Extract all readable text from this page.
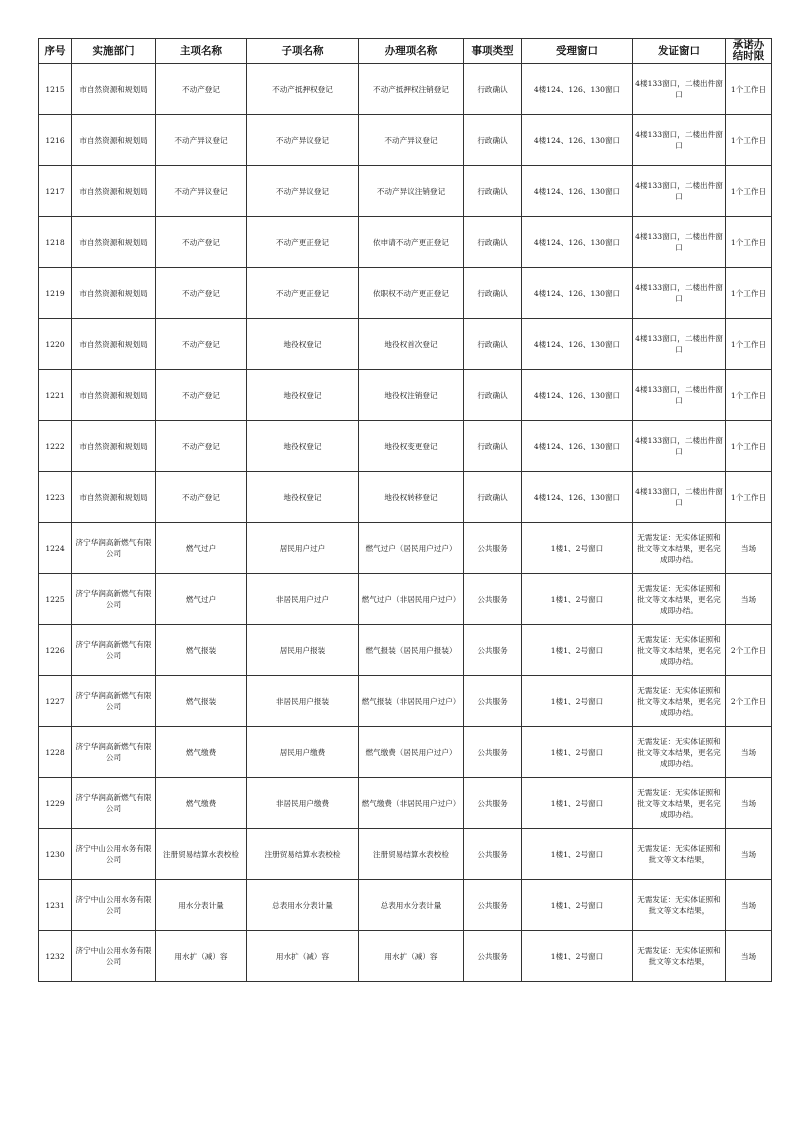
序号	实施部门	主项名称	子项名称	办理项名称	事项类型	受理窗口	发证窗口	承诺办结时限
1215	市自然资源和规划局	不动产登记	不动产抵押权登记	不动产抵押权注销登记	行政确认	4楼124、126、130窗口	4楼133窗口，二楼出件窗口	1个工作日
1216	市自然资源和规划局	不动产异议登记	不动产异议登记	不动产异议登记	行政确认	4楼124、126、130窗口	4楼133窗口，二楼出件窗口	1个工作日
1217	市自然资源和规划局	不动产异议登记	不动产异议登记	不动产异议注销登记	行政确认	4楼124、126、130窗口	4楼133窗口，二楼出件窗口	1个工作日
1218	市自然资源和规划局	不动产登记	不动产更正登记	依申请不动产更正登记	行政确认	4楼124、126、130窗口	4楼133窗口，二楼出件窗口	1个工作日
1219	市自然资源和规划局	不动产登记	不动产更正登记	依职权不动产更正登记	行政确认	4楼124、126、130窗口	4楼133窗口，二楼出件窗口	1个工作日
1220	市自然资源和规划局	不动产登记	地役权登记	地役权首次登记	行政确认	4楼124、126、130窗口	4楼133窗口，二楼出件窗口	1个工作日
1221	市自然资源和规划局	不动产登记	地役权登记	地役权注销登记	行政确认	4楼124、126、130窗口	4楼133窗口，二楼出件窗口	1个工作日
1222	市自然资源和规划局	不动产登记	地役权登记	地役权变更登记	行政确认	4楼124、126、130窗口	4楼133窗口，二楼出件窗口	1个工作日
1223	市自然资源和规划局	不动产登记	地役权登记	地役权转移登记	行政确认	4楼124、126、130窗口	4楼133窗口，二楼出件窗口	1个工作日
1224	济宁华润高新燃气有限公司	燃气过户	居民用户过户	燃气过户（居民用户过户）	公共服务	1楼1、2号窗口	无需发证：无实体证照和批文等文本结果，更名完成即办结。	当场
1225	济宁华润高新燃气有限公司	燃气过户	非居民用户过户	燃气过户（非居民用户过户）	公共服务	1楼1、2号窗口	无需发证：无实体证照和批文等文本结果，更名完成即办结。	当场
1226	济宁华润高新燃气有限公司	燃气报装	居民用户报装	燃气报装（居民用户报装）	公共服务	1楼1、2号窗口	无需发证：无实体证照和批文等文本结果，更名完成即办结。	2个工作日
1227	济宁华润高新燃气有限公司	燃气报装	非居民用户报装	燃气报装（非居民用户过户）	公共服务	1楼1、2号窗口	无需发证：无实体证照和批文等文本结果，更名完成即办结。	2个工作日
1228	济宁华润高新燃气有限公司	燃气缴费	居民用户缴费	燃气缴费（居民用户过户）	公共服务	1楼1、2号窗口	无需发证：无实体证照和批文等文本结果，更名完成即办结。	当场
1229	济宁华润高新燃气有限公司	燃气缴费	非居民用户缴费	燃气缴费（非居民用户过户）	公共服务	1楼1、2号窗口	无需发证：无实体证照和批文等文本结果，更名完成即办结。	当场
1230	济宁中山公用水务有限公司	注册贸易结算水表校检	注册贸易结算水表校检	注册贸易结算水表校检	公共服务	1楼1、2号窗口	无需发证：无实体证照和批文等文本结果，	当场
1231	济宁中山公用水务有限公司	用水分表计量	总表用水分表计量	总表用水分表计量	公共服务	1楼1、2号窗口	无需发证：无实体证照和批文等文本结果，	当场
1232	济宁中山公用水务有限公司	用水扩（减）容	用水扩（减）容	用水扩（减）容	公共服务	1楼1、2号窗口	无需发证：无实体证照和批文等文本结果，	当场
